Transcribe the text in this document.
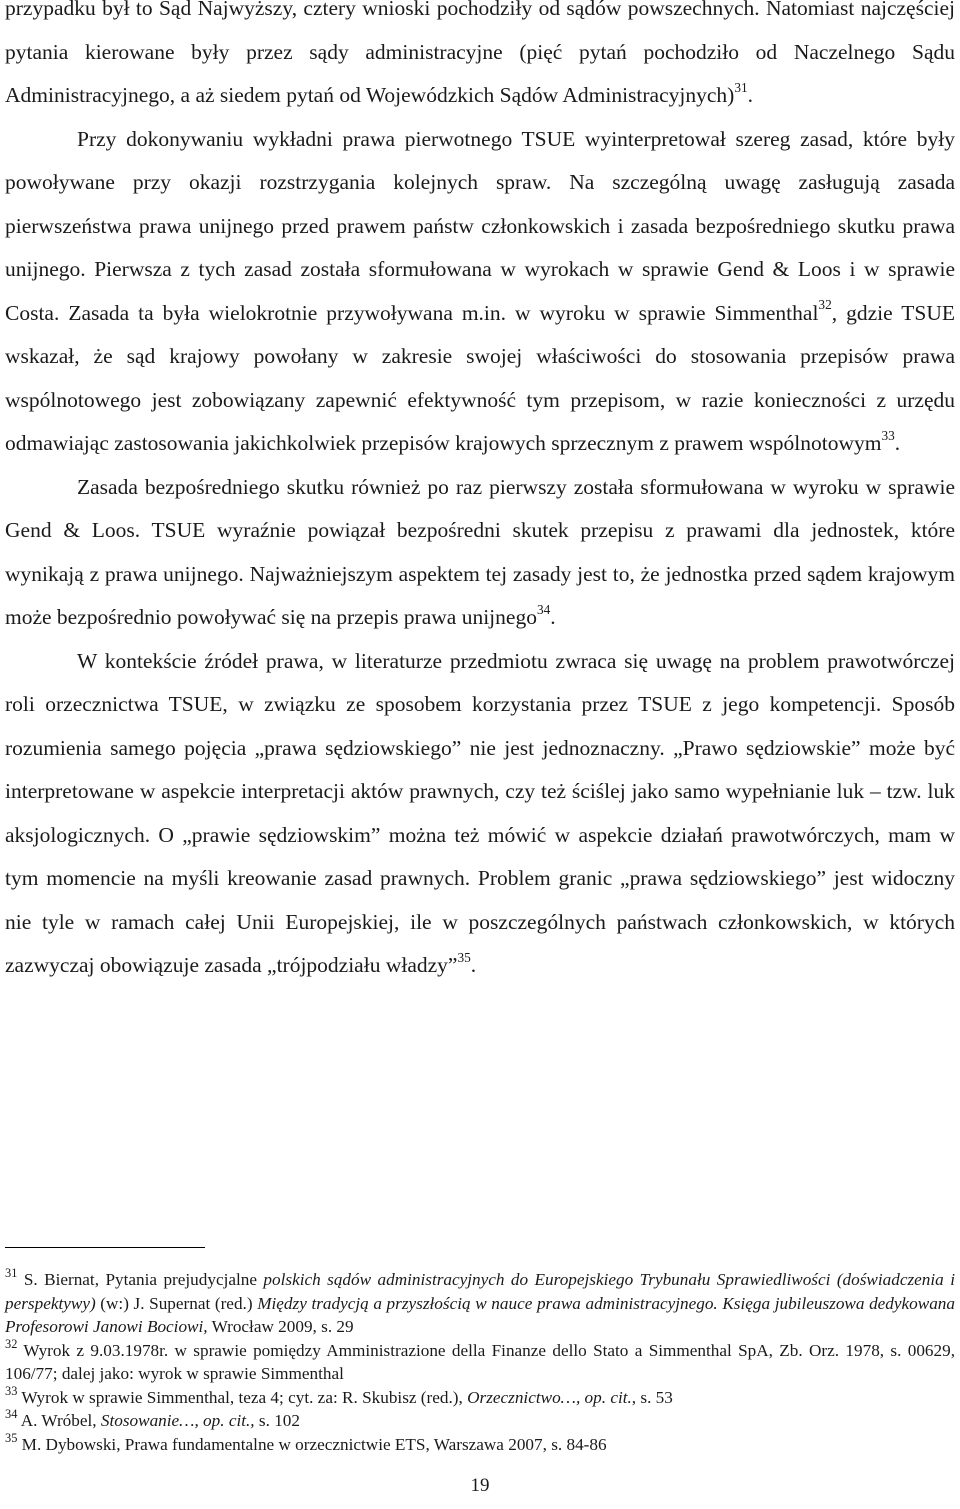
przypadku był to Sąd Najwyższy, cztery wnioski pochodziły od sądów powszechnych. Natomiast najczęściej pytania kierowane były przez sądy administracyjne (pięć pytań pochodziło od Naczelnego Sądu Administracyjnego, a aż siedem pytań od Wojewódzkich Sądów Administracyjnych)$^{31}$.

Przy dokonywaniu wykładni prawa pierwotnego TSUE wyinterpretował szereg zasad, które były powoływane przy okazji rozstrzygania kolejnych spraw. Na szczególną uwagę zasługują zasada pierwszeństwa prawa unijnego przed prawem państw członkowskich i zasada bezpośredniego skutku prawa unijnego. Pierwsza z tych zasad została sformułowana w wyrokach w sprawie Gend & Loos i w sprawie Costa. Zasada ta była wielokrotnie przywoływana m.in. w wyroku w sprawie Simmenthal$^{32}$, gdzie TSUE wskazał, że sąd krajowy powołany w zakresie swojej właściwości do stosowania przepisów prawa wspólnotowego jest zobowiązany zapewnić efektywność tym przepisom, w razie konieczności z urzędu odmawiając zastosowania jakichkolwiek przepisów krajowych sprzecznym z prawem wspólnotowym$^{33}$.

Zasada bezpośredniego skutku również po raz pierwszy została sformułowana w wyroku w sprawie Gend & Loos. TSUE wyraźnie powiązał bezpośredni skutek przepisu z prawami dla jednostek, które wynikają z prawa unijnego. Najważniejszym aspektem tej zasady jest to, że jednostka przed sądem krajowym może bezpośrednio powoływać się na przepis prawa unijnego$^{34}$.

W kontekście źródeł prawa, w literaturze przedmiotu zwraca się uwagę na problem prawotwórczej roli orzecznictwa TSUE, w związku ze sposobem korzystania przez TSUE z jego kompetencji. Sposób rozumienia samego pojęcia „prawa sędziowskiego” nie jest jednoznaczny. „Prawo sędziowskie” może być interpretowane w aspekcie interpretacji aktów prawnych, czy też ściślej jako samo wypełnianie luk – tzw. luk aksjologicznych. O „prawie sędziowskim” można też mówić w aspekcie działań prawotwórczych, mam w tym momencie na myśli kreowanie zasad prawnych. Problem granic „prawa sędziowskiego” jest widoczny nie tyle w ramach całej Unii Europejskiej, ile w poszczególnych państwach członkowskich, w których zazwyczaj obowiązuje zasada „trójpodziału władzy”$^{35}$.

$^{31}$ S. Biernat, Pytania prejudycjalne polskich sądów administracyjnych do Europejskiego Trybunału Sprawiedliwości (doświadczenia i perspektywy) (w:) J. Supernat (red.) Między tradycją a przyszłością w nauce prawa administracyjnego. Księga jubileuszowa dedykowana Profesorowi Janowi Bociowi, Wrocław 2009, s. 29

$^{32}$ Wyrok z 9.03.1978r. w sprawie pomiędzy Amministrazione della Finanze dello Stato a Simmenthal SpA, Zb. Orz. 1978, s. 00629, 106/77; dalej jako: wyrok w sprawie Simmenthal

$^{33}$ Wyrok w sprawie Simmenthal, teza 4; cyt. za: R. Skubisz (red.), Orzecznictwo…, op. cit., s. 53

$^{34}$ A. Wróbel, Stosowanie…, op. cit., s. 102

$^{35}$ M. Dybowski, Prawa fundamentalne w orzecznictwie ETS, Warszawa 2007, s. 84-86

19
